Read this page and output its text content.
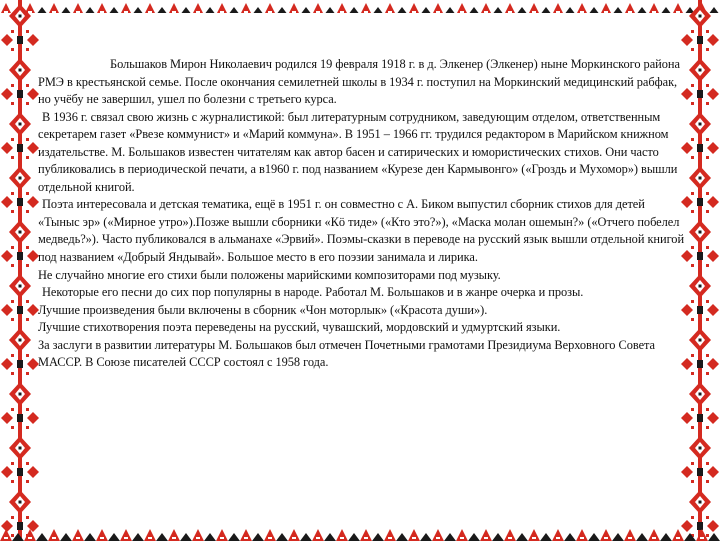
Большаков Мирон Николаевич родился 19 февраля 1918 г. в д. Элкенер (Элкенер) ныне Моркинского района РМЭ в крестьянской семье. После окончания семилетней школы в 1934 г. поступил на Моркинский медицинский рабфак, но учёбу не завершил, ушел по болезни с третьего курса.

В 1936 г. связал свою жизнь с журналистикой: был литературным сотрудником, заведующим отделом, ответственным секретарем газет «Рвезе коммунист» и «Марий коммуна». В 1951 – 1966 гг. трудился редактором в Марийском книжном издательстве. М. Большаков известен читателям как автор басен и сатирических и юмористических стихов. Они часто публиковались в периодической печати, а в1960 г. под названием «Курезе ден Кармывонго» («Гроздь и Мухомор») вышли отдельной книгой.

Поэта интересовала и детская тематика, ещё в 1951 г. он совместно с А. Биком выпустил сборник стихов для детей «Тыныс эр» («Мирное утро»).Позже вышли сборники «Кӧ тиде» («Кто это?»), «Маска молан ошемын?» («Отчего побелел медведь?»). Часто публиковался в альманахе «Эрвий». Поэмы-сказки в переводе на русский язык вышли отдельной книгой под названием «Добрый Яндывай». Большое место в его поэзии занимала и лирика.

Не случайно многие его стихи были положены марийскими композиторами под музыку.

Некоторые его песни до сих пор популярны в народе. Работал М. Большаков и в жанре очерка и прозы.

Лучшие произведения были включены в сборник «Чон моторлык» («Красота души»).

Лучшие стихотворения поэта переведены на русский, чувашский, мордовский и удмуртский языки.

За заслуги в развитии литературы М. Большаков был отмечен Почетными грамотами Президиума Верховного Совета МАССР. В Союзе писателей СССР состоял с 1958 года.
